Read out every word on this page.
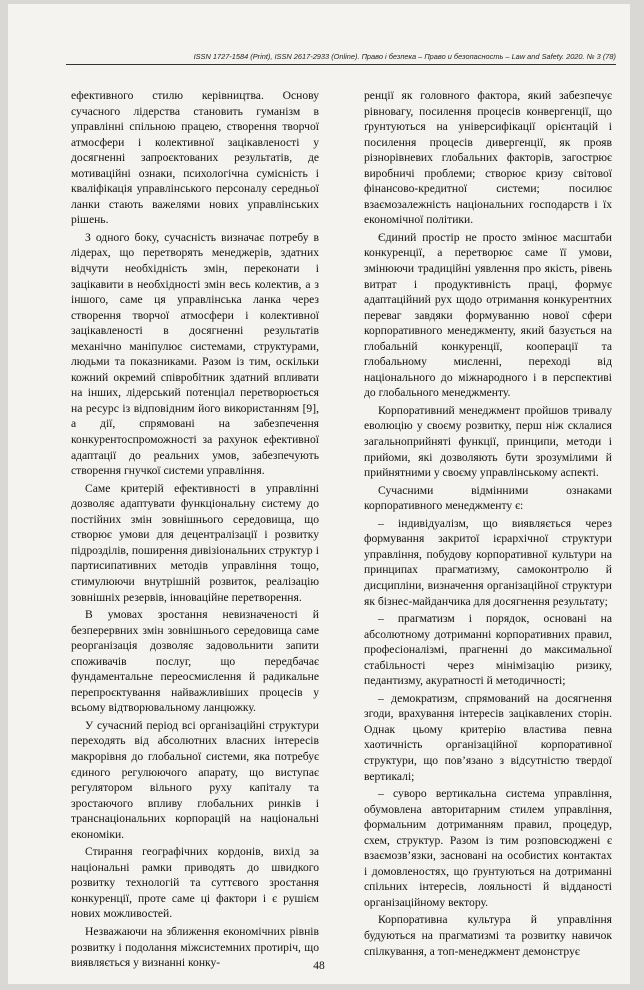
ISSN 1727-1584 (Print), ISSN 2617-2933 (Online). Право і безпека – Право и безопасность – Law and Safety. 2020. № 3 (78)

ефективного стилю керівництва. Основу сучасного лідерства становить гуманізм в управлінні спільною працею, створення творчої атмосфери і колективної зацікавленості у досягненні запроєктованих результатів, де мотиваційні ознаки, психологічна сумісність і кваліфікація управлінського персоналу середньої ланки стають важелями нових управлінських рішень.

З одного боку, сучасність визначає потребу в лідерах, що перетворять менеджерів, здатних відчути необхідність змін, переконати і зацікавити в необхідності змін весь колектив, а з іншого, саме ця управлінська ланка через створення творчої атмосфери і колективної зацікавленості в досягненні результатів механічно маніпулює системами, структурами, людьми та показниками. Разом із тим, оскільки кожний окремий співробітник здатний впливати на інших, лідерський потенціал перетворюється на ресурс із відповідним його використанням [9], а дії, спрямовані на забезпечення конкурентоспроможності за рахунок ефективної адаптації до реальних умов, забезпечують створення гнучкої системи управління.

Саме критерій ефективності в управлінні дозволяє адаптувати функціональну систему до постійних змін зовнішнього середовища, що створює умови для децентралізації і розвитку підрозділів, поширення дивізіональних структур і партисипативних методів управління тощо, стимулюючи внутрішній розвиток, реалізацію зовнішніх резервів, інноваційне перетворення.

В умовах зростання невизначеності й безперервних змін зовнішнього середовища саме реорганізація дозволяє задовольнити запити споживачів послуг, що передбачає фундаментальне переосмислення й радикальне перепроєктування найважливіших процесів у всьому відтворювальному ланцюжку.

У сучасний період всі організаційні структури переходять від абсолютних власних інтересів макрорівня до глобальної системи, яка потребує єдиного регулюючого апарату, що виступає регулятором вільного руху капіталу та зростаючого впливу глобальних ринків і транснаціональних корпорацій на національні економіки.

Стирання географічних кордонів, вихід за національні рамки приводять до швидкого розвитку технологій та суттєвого зростання конкуренції, проте саме ці фактори і є рушієм нових можливостей.

Незважаючи на зближення економічних рівнів розвитку і подолання міжсистемних протиріч, що виявляється у визнанні конку-

ренції як головного фактора, який забезпечує рівновагу, посилення процесів конвергенції, що ґрунтуються на універсифікації орієнтацій і посилення процесів дивергенції, як прояв різнорівневих глобальних факторів, загострює виробничі проблеми; створює кризу світової фінансово-кредитної системи; посилює взаємозалежність національних господарств і їх економічної політики.

Єдиний простір не просто змінює масштаби конкуренції, а перетворює саме її умови, змінюючи традиційні уявлення про якість, рівень витрат і продуктивність праці, формує адаптаційний рух щодо отримання конкурентних переваг завдяки формуванню нової сфери корпоративного менеджменту, який базується на глобальній конкуренції, кооперації та глобальному мисленні, переході від національного до міжнародного і в перспективі до глобального менеджменту.

Корпоративний менеджмент пройшов тривалу еволюцію у своєму розвитку, перш ніж склалися загальноприйняті функції, принципи, методи і прийоми, які дозволяють бути зрозумілими й прийнятними у своєму управлінському аспекті.

Сучасними відмінними ознаками корпоративного менеджменту є:

– індивідуалізм, що виявляється через формування закритої ієрархічної структури управління, побудову корпоративної культури на принципах прагматизму, самоконтролю й дисципліни, визначення організаційної структури як бізнес-майданчика для досягнення результату;

– прагматизм і порядок, основані на абсолютному дотриманні корпоративних правил, професіоналізмі, прагненні до максимальної стабільності через мінімізацію ризику, педантизму, акуратності й методичності;

– демократизм, спрямований на досягнення згоди, врахування інтересів зацікавлених сторін. Однак цьому критерію властива певна хаотичність організаційної корпоративної структури, що пов’язано з відсутністю твердої вертикалі;

– суворо вертикальна система управління, обумовлена авторитарним стилем управління, формальним дотриманням правил, процедур, схем, структур. Разом із тим розповсюджені є взаємозв’язки, засновані на особистих контактах і домовленостях, що ґрунтуються на дотриманні спільних інтересів, лояльності й відданості організаційному вектору.

Корпоративна культура й управління будуються на прагматизмі та розвитку навичок спілкування, а топ-менеджмент демонструє

48
